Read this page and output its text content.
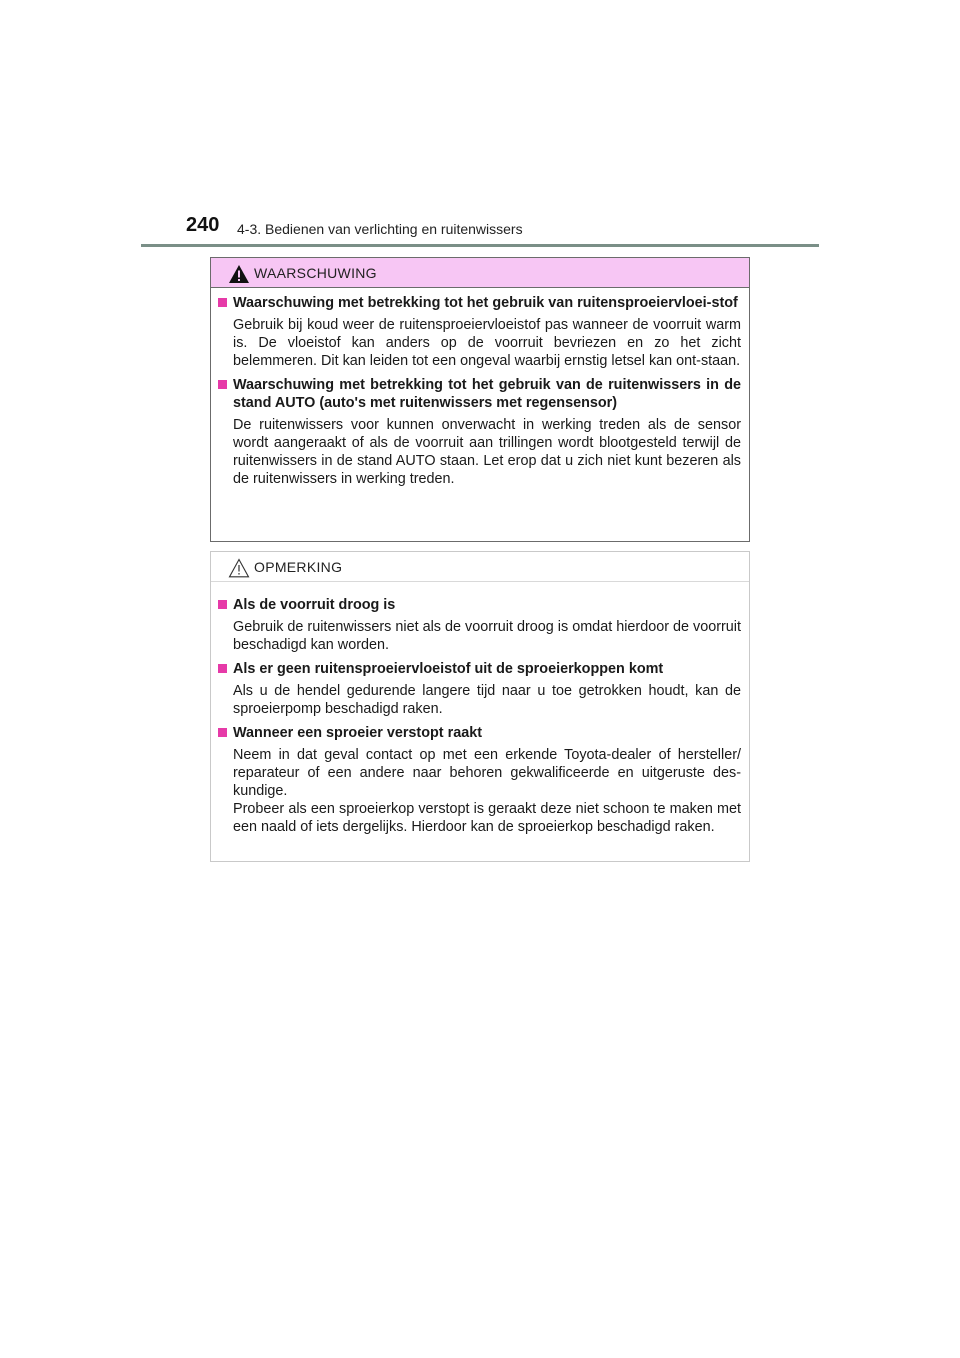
240 4-3. Bedienen van verlichting en ruitenwissers
WAARSCHUWING
Waarschuwing met betrekking tot het gebruik van ruitensproeiervloei-stof

Gebruik bij koud weer de ruitensproeiervloeistof pas wanneer de voorruit warm is. De vloeistof kan anders op de voorruit bevriezen en zo het zicht belemmeren. Dit kan leiden tot een ongeval waarbij ernstig letsel kan ont-staan.

Waarschuwing met betrekking tot het gebruik van de ruitenwissers in de stand AUTO (auto's met ruitenwissers met regensensor)

De ruitenwissers voor kunnen onverwacht in werking treden als de sensor wordt aangeraakt of als de voorruit aan trillingen wordt blootgesteld terwijl de ruitenwissers in de stand AUTO staan. Let erop dat u zich niet kunt bezeren als de ruitenwissers in werking treden.

OPMERKING
Als de voorruit droog is

Gebruik de ruitenwissers niet als de voorruit droog is omdat hierdoor de voorruit beschadigd kan worden.

Als er geen ruitensproeiervloeistof uit de sproeierkoppen komt

Als u de hendel gedurende langere tijd naar u toe getrokken houdt, kan de sproeierpomp beschadigd raken.

Wanneer een sproeier verstopt raakt

Neem in dat geval contact op met een erkende Toyota-dealer of hersteller/ reparateur of een andere naar behoren gekwalificeerde en uitgeruste des-kundige.

Probeer als een sproeierkop verstopt is geraakt deze niet schoon te maken met een naald of iets dergelijks. Hierdoor kan de sproeierkop beschadigd raken.
